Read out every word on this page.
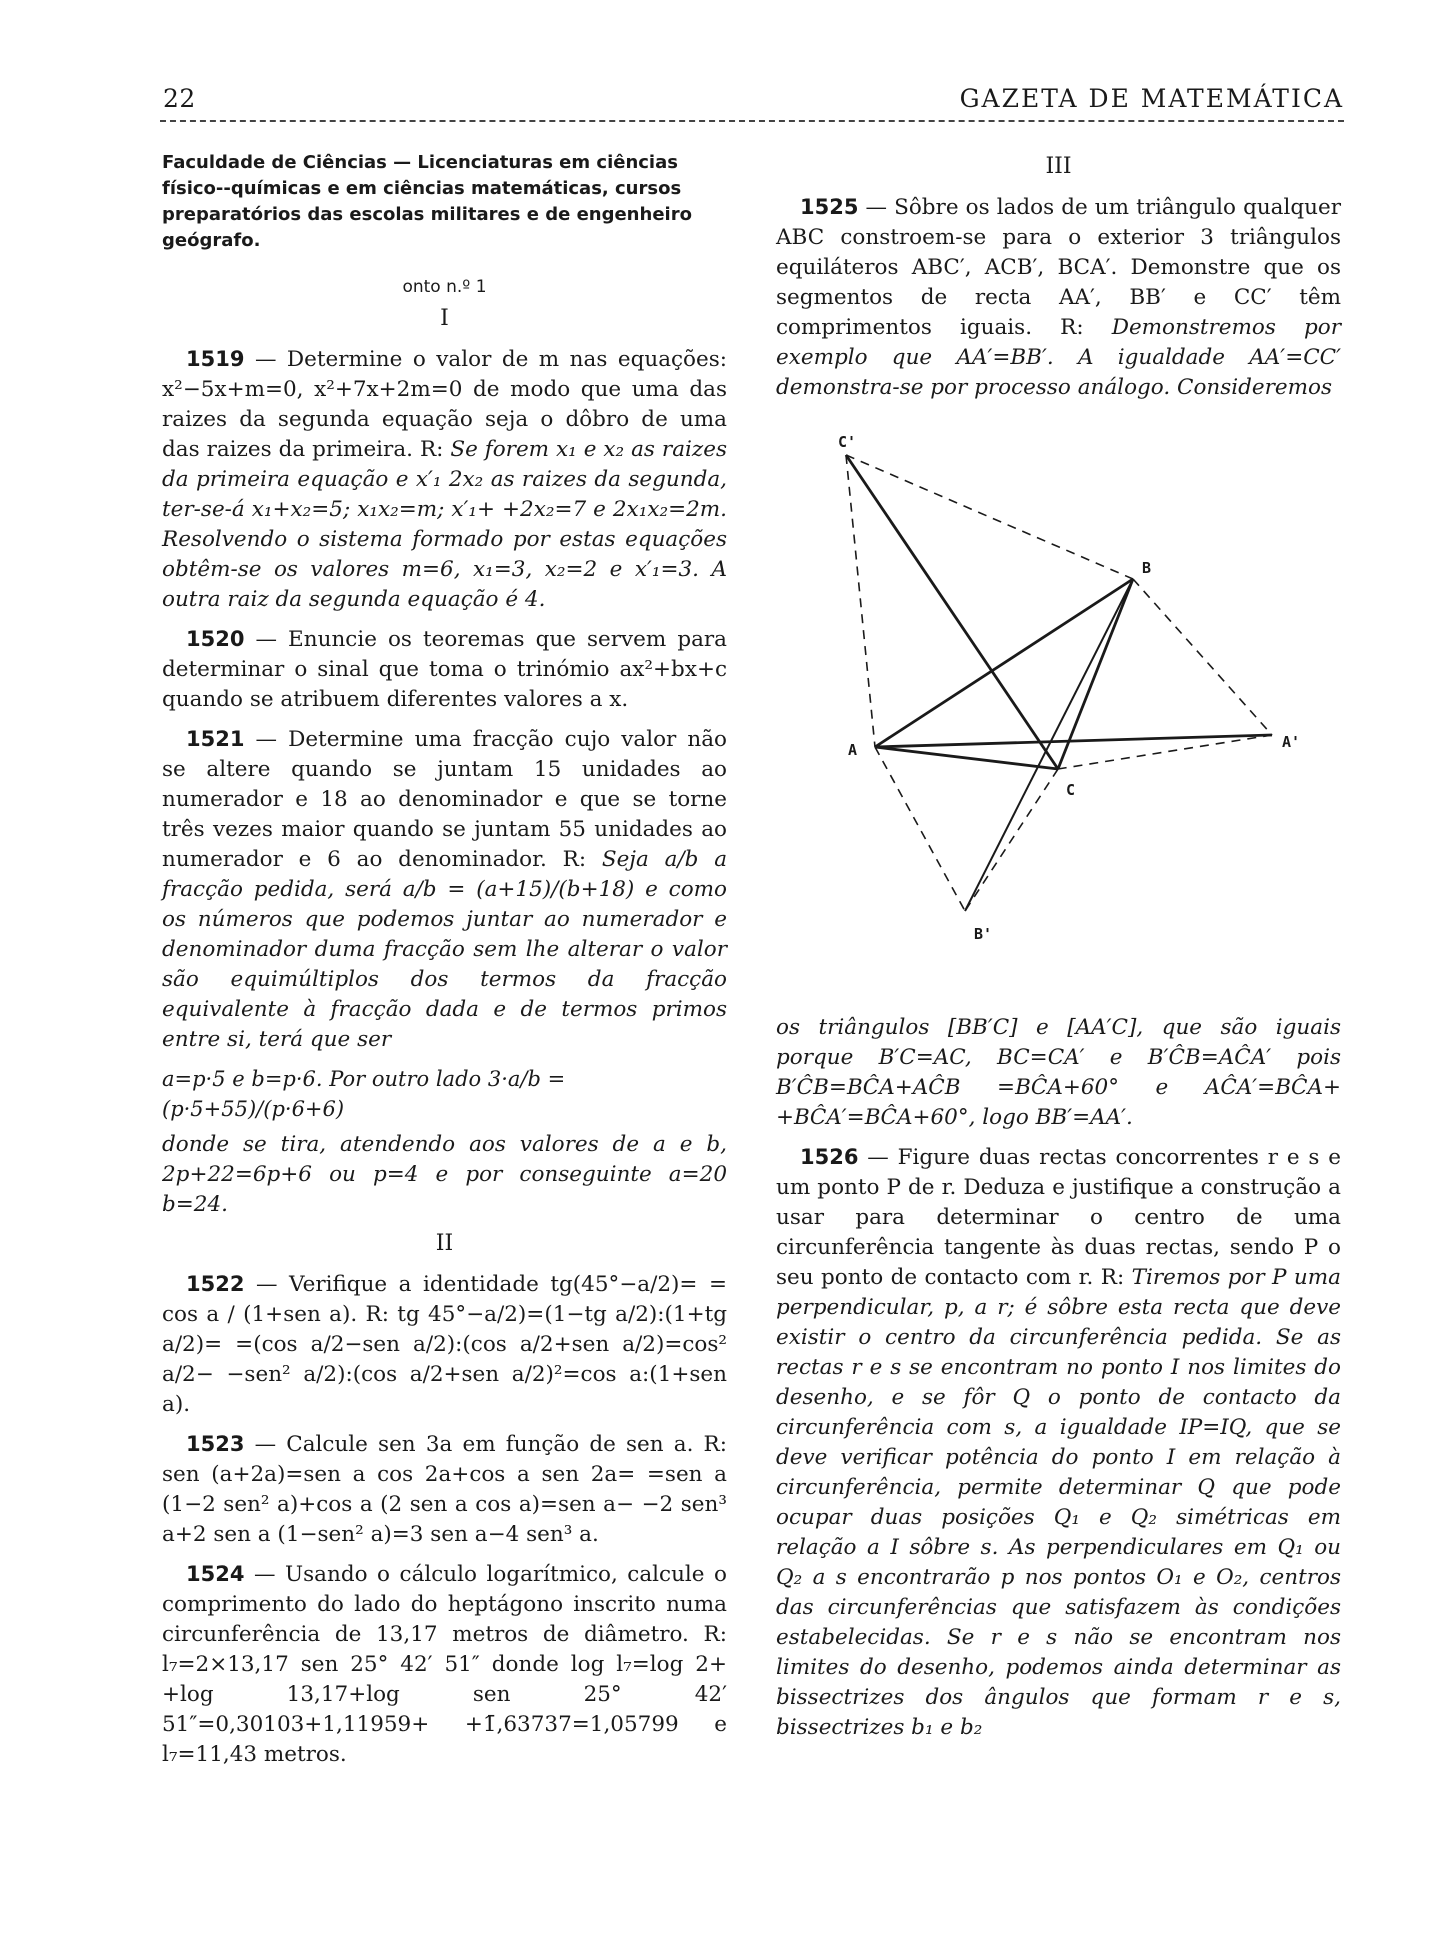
22	GAZETA DE MATEMÁTICA

Faculdade de Ciências — Licenciaturas em ciências físico--químicas e em ciências matemáticas, cursos preparatórios das escolas militares e de engenheiro geógrafo.

onto n.º 1

I

1519 — Determine o valor de m nas equações: x²−5x+m=0, x²+7x+2m=0 de modo que uma das raizes da segunda equação seja o dôbro de uma das raizes da primeira. R: Se forem x₁ e x₂ as raizes da primeira equação e x′₁ 2x₂ as raizes da segunda, ter-se-á x₁+x₂=5; x₁x₂=m; x′₁+ +2x₂=7 e 2x₁x₂=2m. Resolvendo o sistema formado por estas equações obtêm-se os valores m=6, x₁=3, x₂=2 e x′₁=3. A outra raiz da segunda equação é 4.

1520 — Enuncie os teoremas que servem para determinar o sinal que toma o trinómio ax²+bx+c quando se atribuem diferentes valores a x.

1521 — Determine uma fracção cujo valor não se altere quando se juntam 15 unidades ao numerador e 18 ao denominador e que se torne três vezes maior quando se juntam 55 unidades ao numerador e 6 ao denominador. R: Seja a/b a fracção pedida, será a/b = (a+15)/(b+18) e como os números que podemos juntar ao numerador e denominador duma fracção sem lhe alterar o valor são equimúltiplos dos termos da fracção equivalente à fracção dada e de termos primos entre si, terá que ser

a=p·5 e b=p·6. Por outro lado 3·a/b = (p·5+55)/(p·6+6)

donde se tira, atendendo aos valores de a e b, 2p+22=6p+6 ou p=4 e por conseguinte a=20 b=24.

II

1522 — Verifique a identidade tg(45°−a/2)= = cos a / (1+sen a). R: tg 45°−a/2)=(1−tg a/2):(1+tg a/2)= =(cos a/2−sen a/2):(cos a/2+sen a/2)=cos² a/2− −sen² a/2):(cos a/2+sen a/2)²=cos a:(1+sen a).

1523 — Calcule sen 3a em função de sen a. R: sen (a+2a)=sen a cos 2a+cos a sen 2a= =sen a (1−2 sen² a)+cos a (2 sen a cos a)=sen a− −2 sen³ a+2 sen a (1−sen² a)=3 sen a−4 sen³ a.

1524 — Usando o cálculo logarítmico, calcule o comprimento do lado do heptágono inscrito numa circunferência de 13,17 metros de diâmetro. R: l₇=2×13,17 sen 25° 42′ 51″ donde log l₇=log 2+ +log 13,17+log sen 25° 42′ 51″=0,30103+1,11959+ +1̄,63737=1,05799 e l₇=11,43 metros.

III

1525 — Sôbre os lados de um triângulo qualquer ABC constroem-se para o exterior 3 triângulos equiláteros ABC′, ACB′, BCA′. Demonstre que os segmentos de recta AA′, BB′ e CC′ têm comprimentos iguais. R: Demonstremos por exemplo que AA′=BB′. A igualdade AA′=CC′ demonstra-se por processo análogo. Consideremos

C'
B
A	A'
C
B'

os triângulos [BB′C] e [AA′C], que são iguais porque B′C=AC, BC=CA′ e B′ĈB=AĈA′ pois B′ĈB=BĈA+AĈB =BĈA+60° e AĈA′=BĈA+ +BĈA′=BĈA+60°, logo BB′=AA′.

1526 — Figure duas rectas concorrentes r e s e um ponto P de r. Deduza e justifique a construção a usar para determinar o centro de uma circunferência tangente às duas rectas, sendo P o seu ponto de contacto com r. R: Tiremos por P uma perpendicular, p, a r; é sôbre esta recta que deve existir o centro da circunferência pedida. Se as rectas r e s se encontram no ponto I nos limites do desenho, e se fôr Q o ponto de contacto da circunferência com s, a igualdade IP=IQ, que se deve verificar potência do ponto I em relação à circunferência, permite determinar Q que pode ocupar duas posições Q₁ e Q₂ simétricas em relação a I sôbre s. As perpendiculares em Q₁ ou Q₂ a s encontrarão p nos pontos O₁ e O₂, centros das circunferências que satisfazem às condições estabelecidas. Se r e s não se encontram nos limites do desenho, podemos ainda determinar as bissectrizes dos ângulos que formam r e s, bissectrizes b₁ e b₂
